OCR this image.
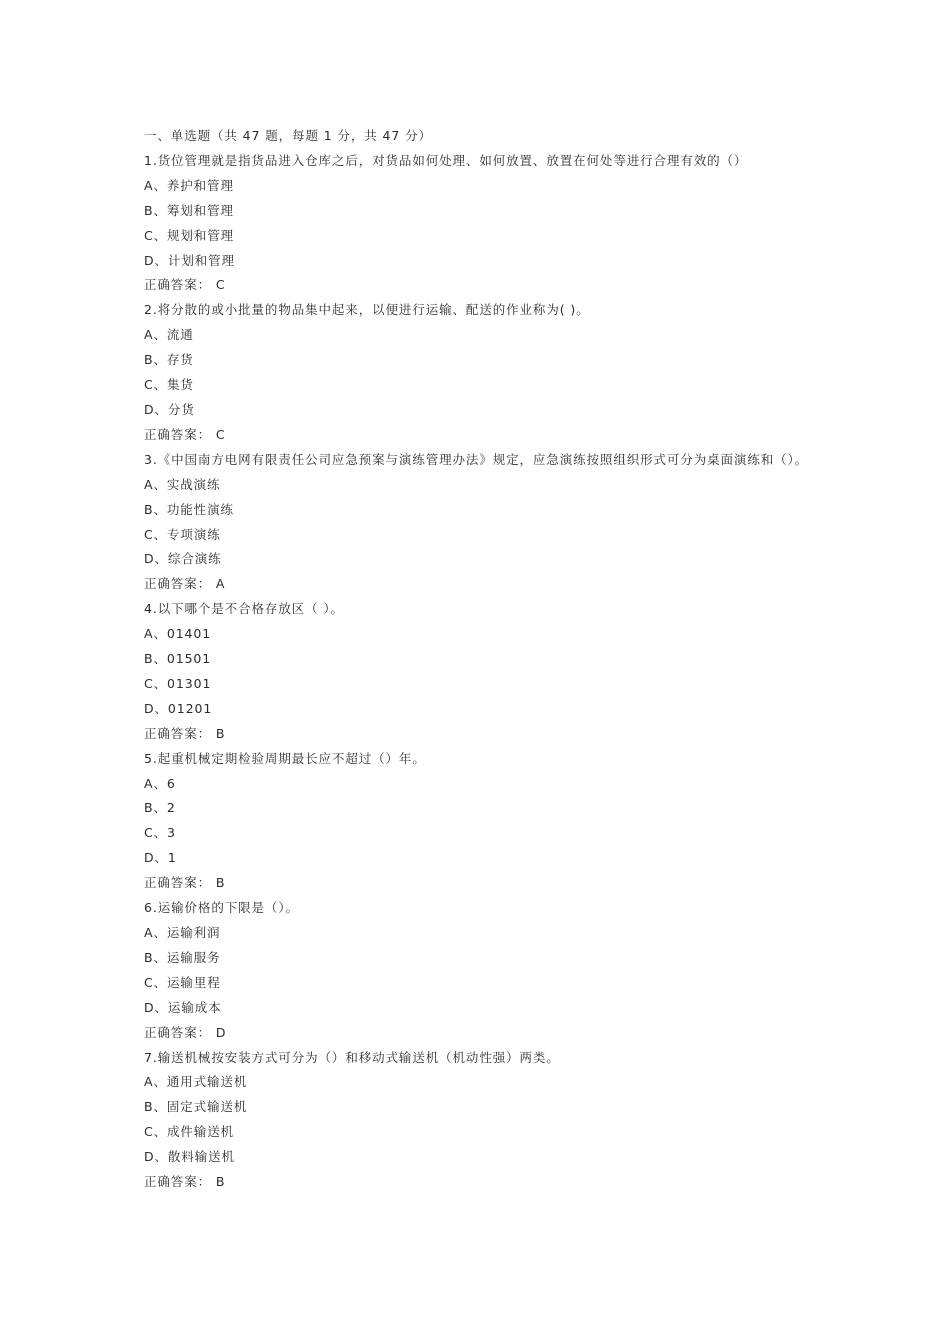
一、单选题（共 47 题，每题 1 分，共 47 分）
1.货位管理就是指货品进入仓库之后，对货品如何处理、如何放置、放置在何处等进行合理有效的（）
A、养护和管理
B、筹划和管理
C、规划和管理
D、计划和管理
正确答案： C
2.将分散的或小批量的物品集中起来，以便进行运输、配送的作业称为( )。
A、流通
B、存货
C、集货
D、分货
正确答案： C
3.《中国南方电网有限责任公司应急预案与演练管理办法》规定，应急演练按照组织形式可分为桌面演练和（）。
A、实战演练
B、功能性演练
C、专项演练
D、综合演练
正确答案： A
4.以下哪个是不合格存放区（ ）。
A、01401
B、01501
C、01301
D、01201
正确答案： B
5.起重机械定期检验周期最长应不超过（）年。
A、6
B、2
C、3
D、1
正确答案： B
6.运输价格的下限是（）。
A、运输利润
B、运输服务
C、运输里程
D、运输成本
正确答案： D
7.输送机械按安装方式可分为（）和移动式输送机（机动性强）两类。
A、通用式输送机
B、固定式输送机
C、成件输送机
D、散料输送机
正确答案： B
